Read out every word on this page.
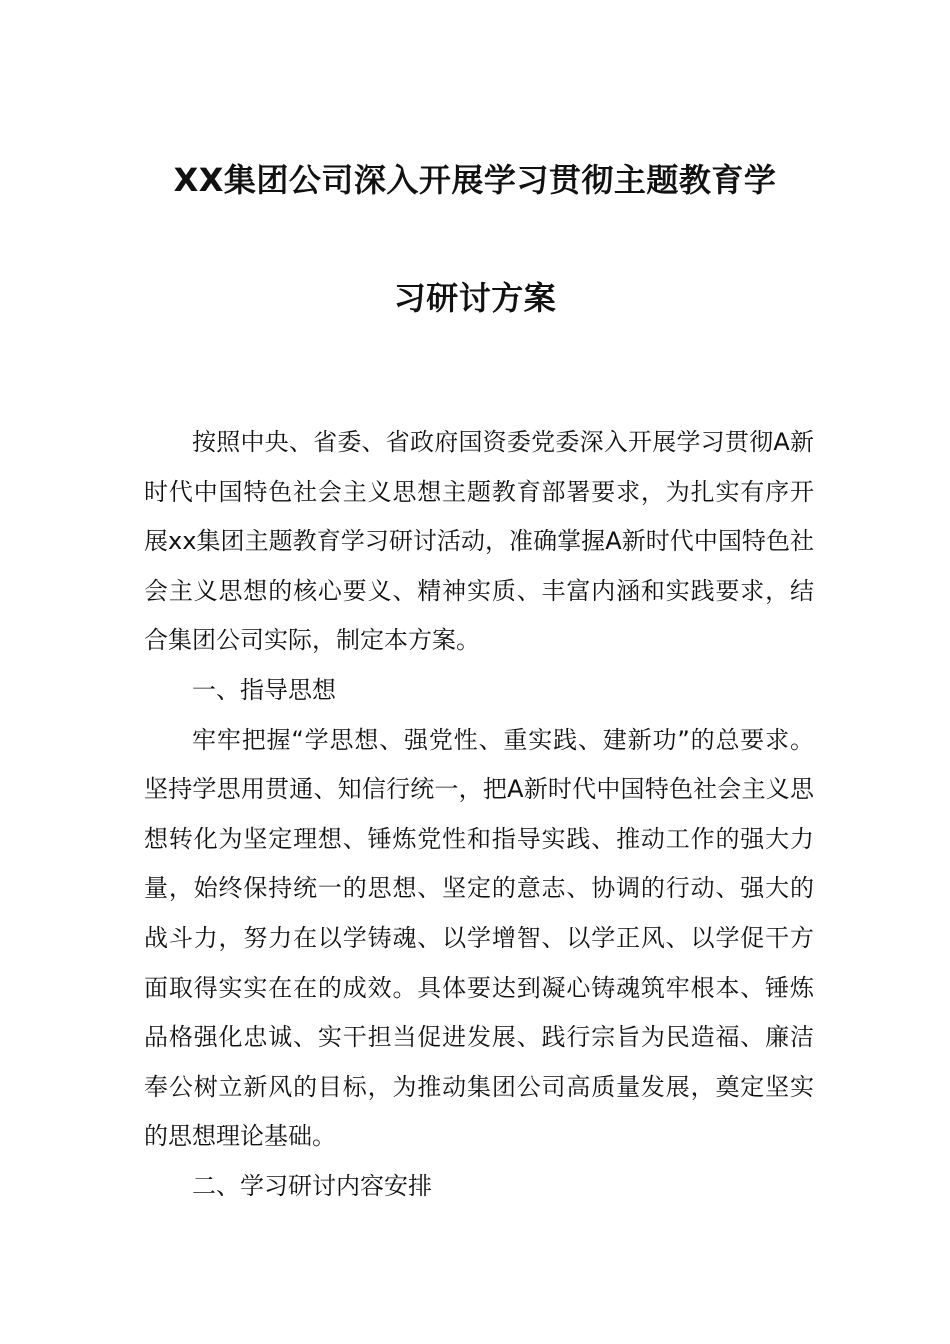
XX集团公司深入开展学习贯彻主题教育学
习研讨方案

按照中央、省委、省政府国资委党委深入开展学习贯彻A新时代中国特色社会主义思想主题教育部署要求，为扎实有序开展xx集团主题教育学习研讨活动，准确掌握A新时代中国特色社会主义思想的核心要义、精神实质、丰富内涵和实践要求，结合集团公司实际，制定本方案。

一、指导思想

牢牢把握“学思想、强党性、重实践、建新功”的总要求。坚持学思用贯通、知信行统一，把A新时代中国特色社会主义思想转化为坚定理想、锤炼党性和指导实践、推动工作的强大力量，始终保持统一的思想、坚定的意志、协调的行动、强大的战斗力，努力在以学铸魂、以学增智、以学正风、以学促干方面取得实实在在的成效。具体要达到凝心铸魂筑牢根本、锤炼品格强化忠诚、实干担当促进发展、践行宗旨为民造福、廉洁奉公树立新风的目标，为推动集团公司高质量发展，奠定坚实的思想理论基础。

二、学习研讨内容安排
